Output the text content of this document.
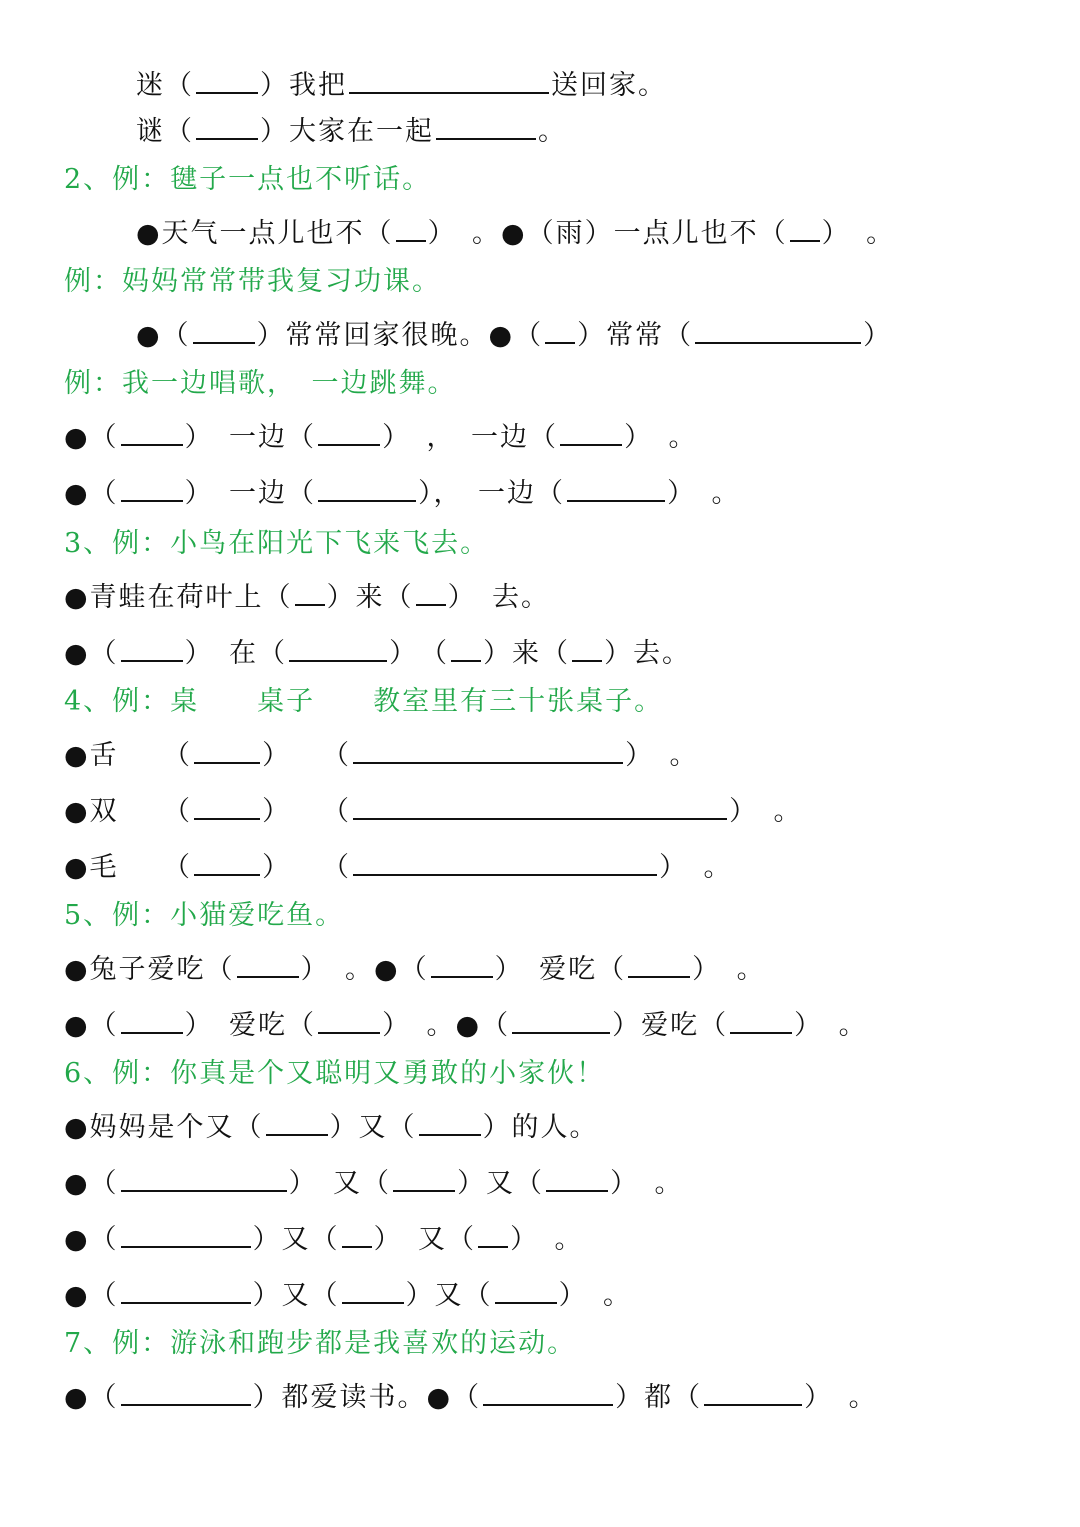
迷（ ）我把	送回家。
谜（ ）大家在一起	。
2、例：毽子一点也不听话。
●天气一点儿也不（ ）　。●（雨）一点儿也不（ ）　。
例：妈妈常常带我复习功课。
●（ ）常常回家很晚。●（ ）常常（	）
例：我一边唱歌，　一边跳舞。
●（ ）　一边（ ）　，　一边（ ）　。
●（ ）　一边（	），　一边（	）　。
3、例：小鸟在阳光下飞来飞去。
●青蛙在荷叶上（ ）来（ ）　去。
●（ ）　在（	）　（ ）来（ ）去。
4、例：桌　　桌子　　教室里有三十张桌子。
●舌　　（	）　　（	）　。
●双　　（	）　　（	）　。
●毛　　（	）　　（	）　。
5、例：小猫爱吃鱼。
●兔子爱吃（ ）　。●（ ）　爱吃（ ）　。
●（ ）　爱吃（ ）　。●（	）爱吃（ ）　。
6、例：你真是个又聪明又勇敢的小家伙！
●妈妈是个又（ ）又（ ）的人。
●（	）　又（ ）又（ ）　。
●（	）又（ ）　又（ ）　。
●（	）又（ ）又（ ）　。
7、例：游泳和跑步都是我喜欢的运动。
●（	）都爱读书。●（	）都（	）　。
